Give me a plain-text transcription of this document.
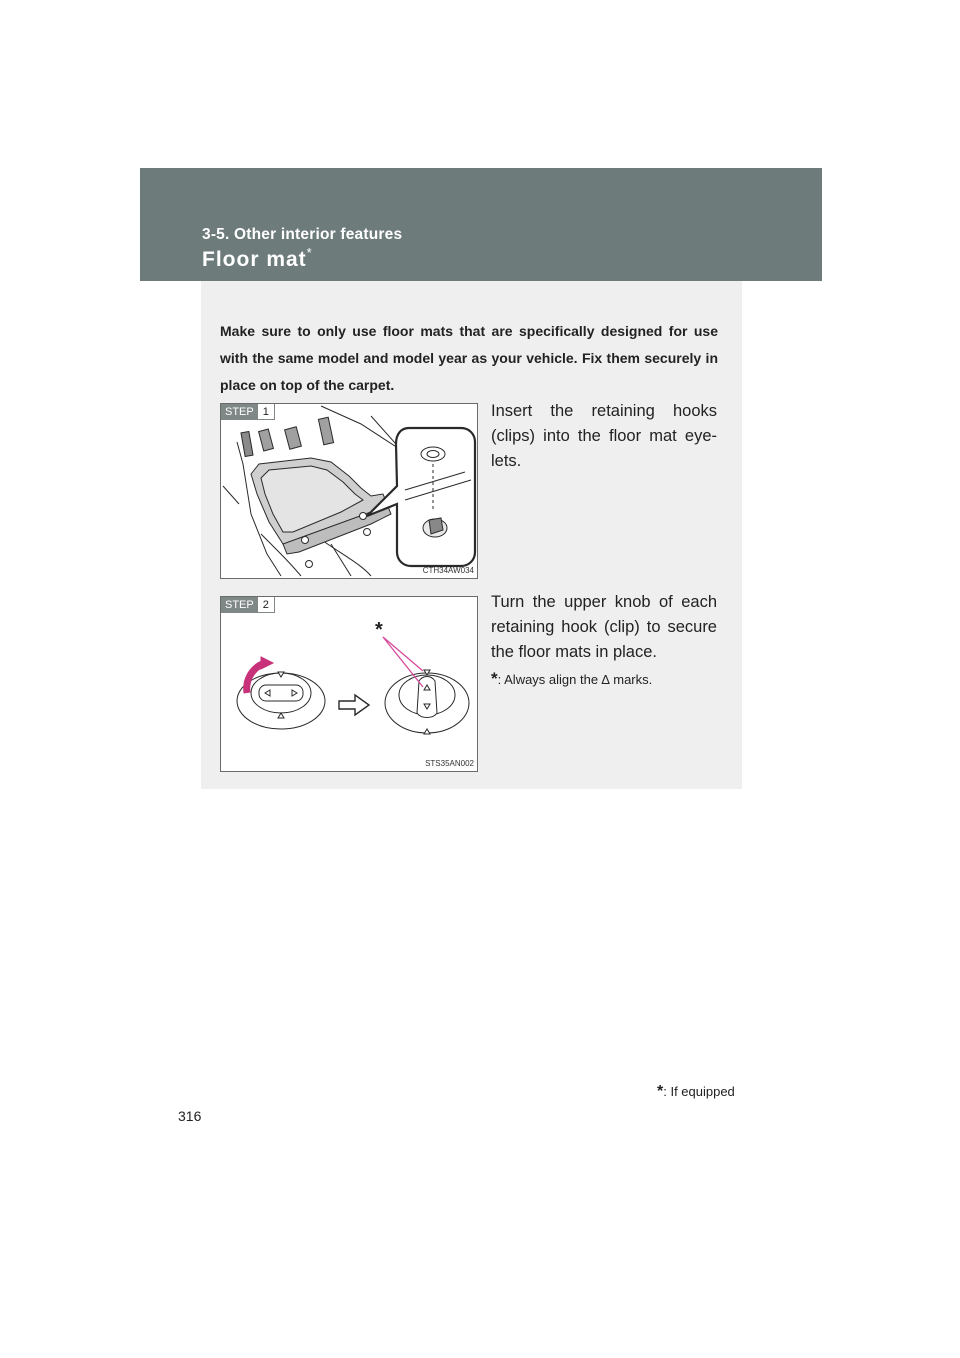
3-5. Other interior features
Floor mat*
Make sure to only use floor mats that are specifically designed for use with the same model and model year as your vehicle. Fix them securely in place on top of the carpet.
STEP 1
CTH34AW034
Insert the retaining hooks (clips) into the floor mat eye-lets.
*
STEP 2
STS35AN002
Turn the upper knob of each retaining hook (clip) to secure the floor mats in place.
*: Always align the ∆ marks.
*: If equipped
316
